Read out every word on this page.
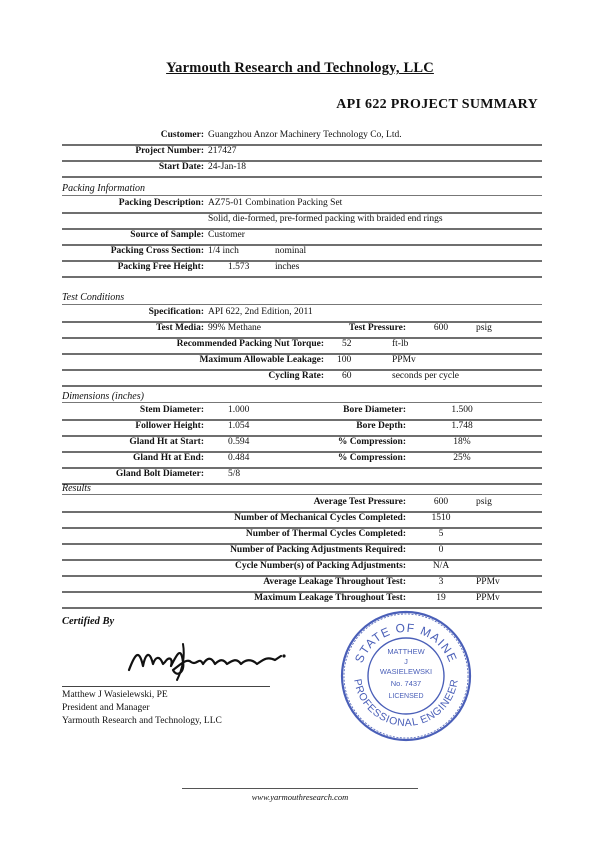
Yarmouth Research and Technology, LLC
API 622 PROJECT SUMMARY
Customer: Guangzhou Anzor Machinery Technology Co, Ltd.
Project Number: 217427
Start Date: 24-Jan-18
Packing Information
Packing Description: AZ75-01 Combination Packing Set
Solid, die-formed, pre-formed packing with braided end rings
Source of Sample: Customer
Packing Cross Section: 1/4 inch	nominal
Packing Free Height:	1.573	inches
Test Conditions
Specification: API 622, 2nd Edition, 2011
Test Media: 99% Methane	Test Pressure:	600	psig
Recommended Packing Nut Torque: 52	ft-lb
Maximum Allowable Leakage: 100	PPMv
Cycling Rate: 60	seconds per cycle
Dimensions (inches)
Stem Diameter:	1.000	Bore Diameter:	1.500
Follower Height:	1.054	Bore Depth:	1.748
Gland Ht at Start:	0.594	% Compression:	18%
Gland Ht at End:	0.484	% Compression:	25%
Gland Bolt Diameter:	5/8
Results
Average Test Pressure:	600	psig
Number of Mechanical Cycles Completed:	1510
Number of Thermal Cycles Completed:	5
Number of Packing Adjustments Required:	0
Cycle Number(s) of Packing Adjustments:	N/A
Average Leakage Throughout Test:	3	PPMv
Maximum Leakage Throughout Test:	19	PPMv
Certified By
Matthew J Wasielewski, PE
President and Manager
Yarmouth Research and Technology, LLC
STATE OF MAINE
PROFESSIONAL ENGINEER
MATTHEW
J
WASIELEWSKI
No. 7437
LICENSED
www.yarmouthresearch.com
